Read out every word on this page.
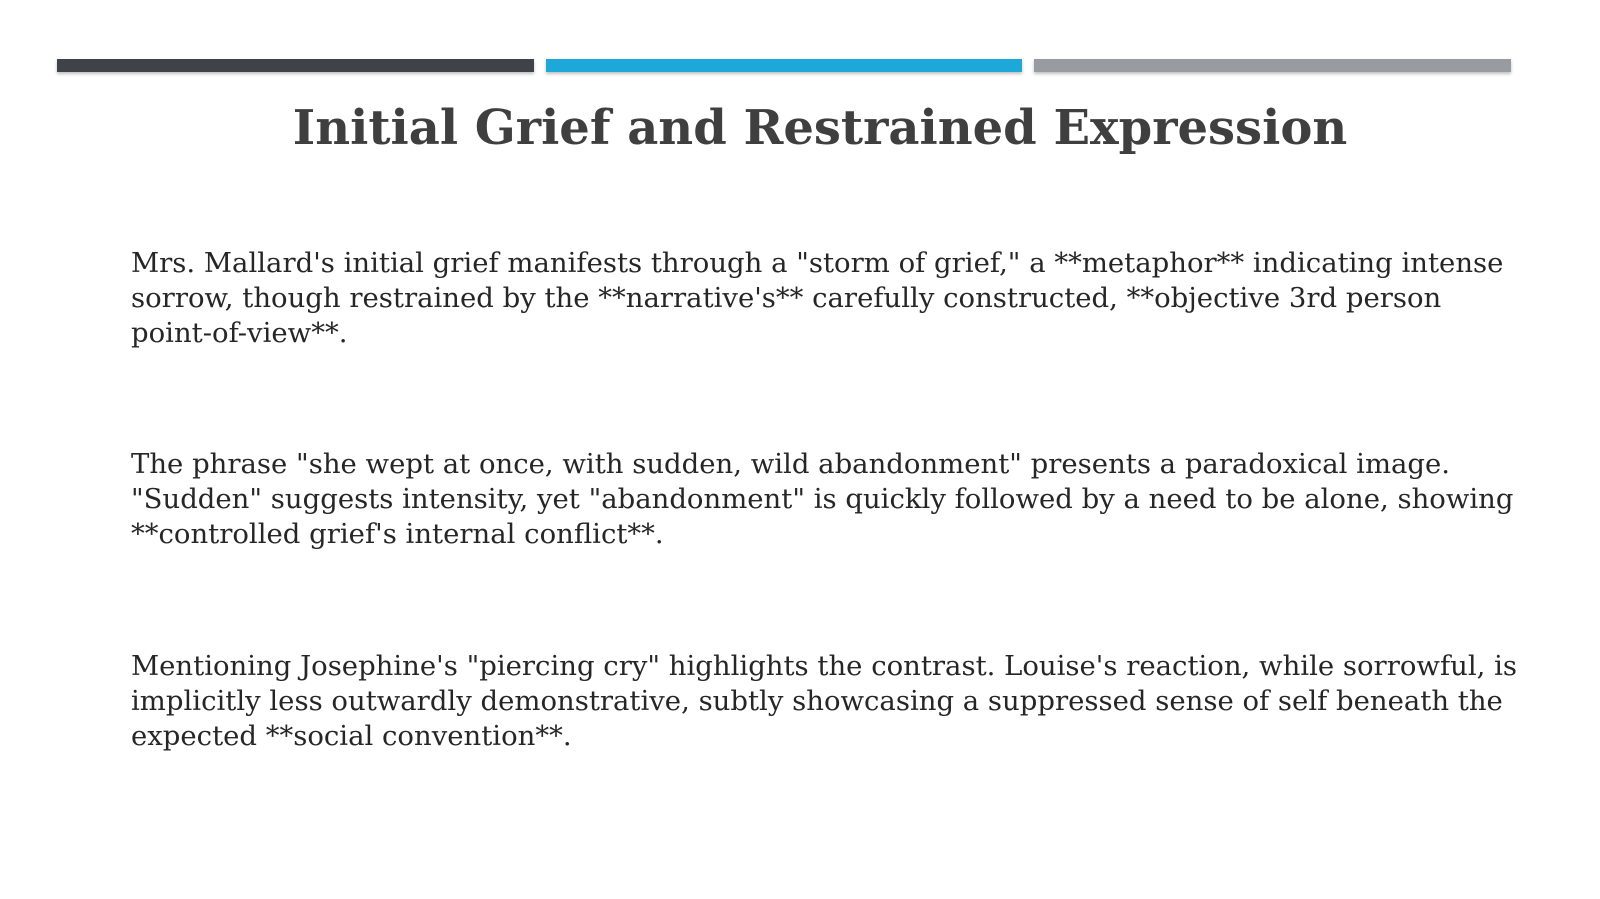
Initial Grief and Restrained Expression

Mrs. Mallard's initial grief manifests through a "storm of grief," a **metaphor** indicating intense sorrow, though restrained by the **narrative's** carefully constructed, **objective 3rd person point-of-view**.

The phrase "she wept at once, with sudden, wild abandonment" presents a paradoxical image. "Sudden" suggests intensity, yet "abandonment" is quickly followed by a need to be alone, showing **controlled grief's internal conflict**.

Mentioning Josephine's "piercing cry" highlights the contrast. Louise's reaction, while sorrowful, is implicitly less outwardly demonstrative, subtly showcasing a suppressed sense of self beneath the expected **social convention**.
